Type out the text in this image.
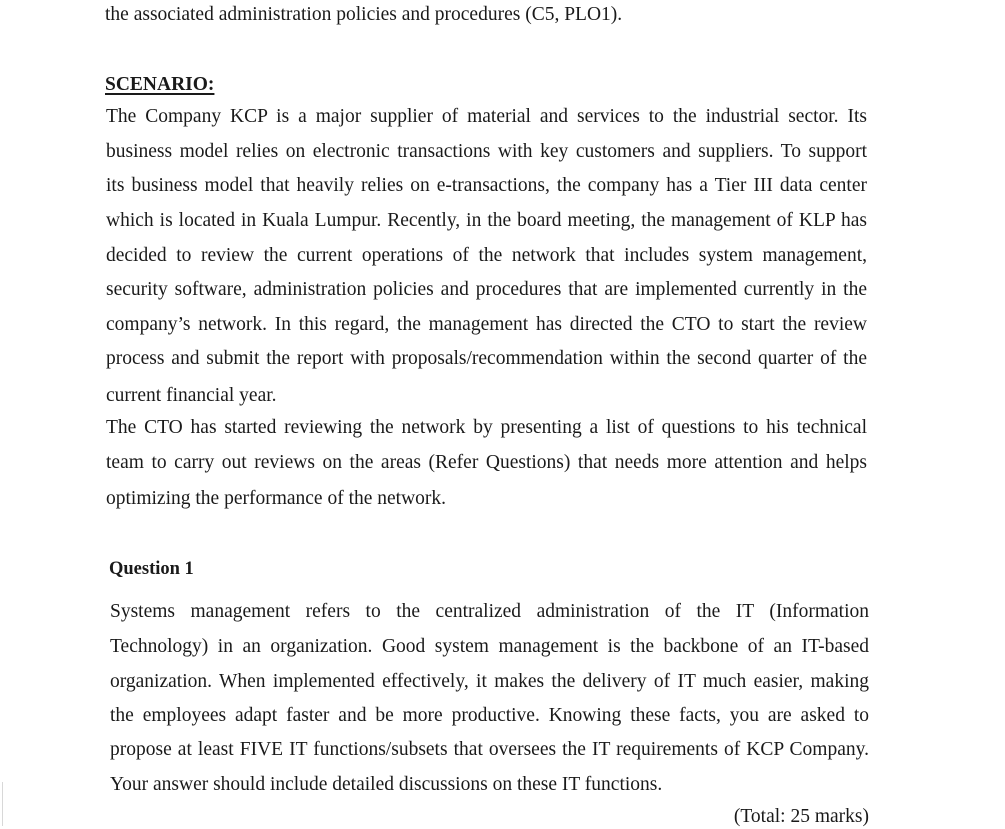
the associated administration policies and procedures (C5, PLO1).
SCENARIO:
The Company KCP is a major supplier of material and services to the industrial sector. Its
business model relies on electronic transactions with key customers and suppliers. To support
its business model that heavily relies on e-transactions, the company has a Tier III data center
which is located in Kuala Lumpur. Recently, in the board meeting, the management of KLP has
decided to review the current operations of the network that includes system management,
security software, administration policies and procedures that are implemented currently in the
company’s network. In this regard, the management has directed the CTO to start the review
process and submit the report with proposals/recommendation within the second quarter of the
current financial year.
The CTO has started reviewing the network by presenting a list of questions to his technical
team to carry out reviews on the areas (Refer Questions) that needs more attention and helps
optimizing the performance of the network.
Question 1
Systems management refers to the centralized administration of the IT (Information
Technology) in an organization. Good system management is the backbone of an IT-based
organization. When implemented effectively, it makes the delivery of IT much easier, making
the employees adapt faster and be more productive. Knowing these facts, you are asked to
propose at least FIVE IT functions/subsets that oversees the IT requirements of KCP Company.
Your answer should include detailed discussions on these IT functions.
(Total: 25 marks)
